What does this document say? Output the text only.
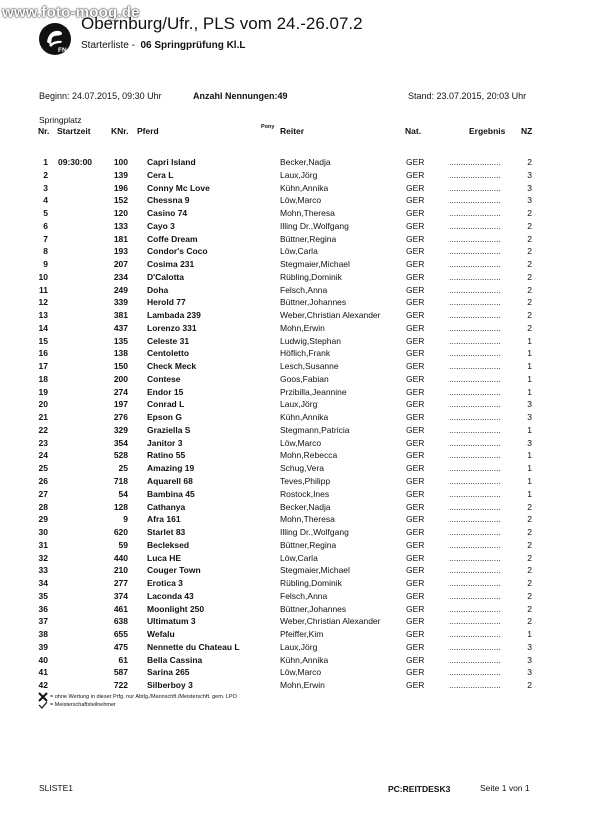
www.foto-moog.de
FN
Obernburg/Ufr., PLS vom 24.-26.07.2
Starterliste - 06 Springprüfung Kl.L
Beginn: 24.07.2015, 09:30 Uhr	Anzahl Nennungen:49	Stand: 23.07.2015, 20:03 Uhr
Springplatz
Nr. Startzeit KNr. Pferd	Pony Reiter	Nat.	Ergebnis NZ
1 09:30:00	100 Capri Island	Becker,Nadja	GER	......................	2
2	139 Cera L	Laux,Jörg	GER	......................	3
3	196 Conny Mc Love	Kühn,Annika	GER	......................	3
4	152 Chessna 9	Löw,Marco	GER	......................	3
5	120 Casino 74	Mohn,Theresa	GER	......................	2
6	133 Cayo 3	Illing Dr.,Wolfgang	GER	......................	2
7	181 Coffe Dream	Büttner,Regina	GER	......................	2
8	193 Condor's Coco	Löw,Carla	GER	......................	2
9	207 Cosima 231	Stegmaier,Michael	GER	......................	2
10	234 D'Calotta	Rübling,Dominik	GER	......................	2
11	249 Doha	Felsch,Anna	GER	......................	2
12	339 Herold 77	Büttner,Johannes	GER	......................	2
13	381 Lambada 239	Weber,Christian Alexander	GER	......................	2
14	437 Lorenzo 331	Mohn,Erwin	GER	......................	2
15	135 Celeste 31	Ludwig,Stephan	GER	......................	1
16	138 Centoletto	Höflich,Frank	GER	......................	1
17	150 Check Meck	Lesch,Susanne	GER	......................	1
18	200 Contese	Goos,Fabian	GER	......................	1
19	274 Endor 15	Przibilla,Jeannine	GER	......................	1
20	197 Conrad L	Laux,Jörg	GER	......................	3
21	276 Epson G	Kühn,Annika	GER	......................	3
22	329 Graziella S	Stegmann,Patricia	GER	......................	1
23	354 Janitor 3	Löw,Marco	GER	......................	3
24	528 Ratino 55	Mohn,Rebecca	GER	......................	1
25	25 Amazing 19	Schug,Vera	GER	......................	1
26	718 Aquarell 68	Teves,Philipp	GER	......................	1
27	54 Bambina 45	Rostock,Ines	GER	......................	1
28	128 Cathanya	Becker,Nadja	GER	......................	2
29	9 Afra 161	Mohn,Theresa	GER	......................	2
30	620 Starlet 83	Illing Dr.,Wolfgang	GER	......................	2
31	59 Becleksed	Büttner,Regina	GER	......................	2
32	440 Luca HE	Löw,Carla	GER	......................	2
33	210 Couger Town	Stegmaier,Michael	GER	......................	2
34	277 Erotica 3	Rübling,Dominik	GER	......................	2
35	374 Laconda 43	Felsch,Anna	GER	......................	2
36	461 Moonlight 250	Büttner,Johannes	GER	......................	2
37	638 Ultimatum 3	Weber,Christian Alexander	GER	......................	2
38	655 Wefalu	Pfeiffer,Kim	GER	......................	1
39	475 Nennette du Chateau L	Laux,Jörg	GER	......................	3
40	61 Bella Cassina	Kühn,Annika	GER	......................	3
41	587 Sarina 265	Löw,Marco	GER	......................	3
42	722 Silberboy 3	Mohn,Erwin	GER	......................	2
= ohne Wertung in dieser Prfg. nur Abtlg./Mannschft./Meisterschft. gem. LPO
= Meisterschaftsteilnehmer
SLISTE1	PC:REITDESK3	Seite 1 von 1
